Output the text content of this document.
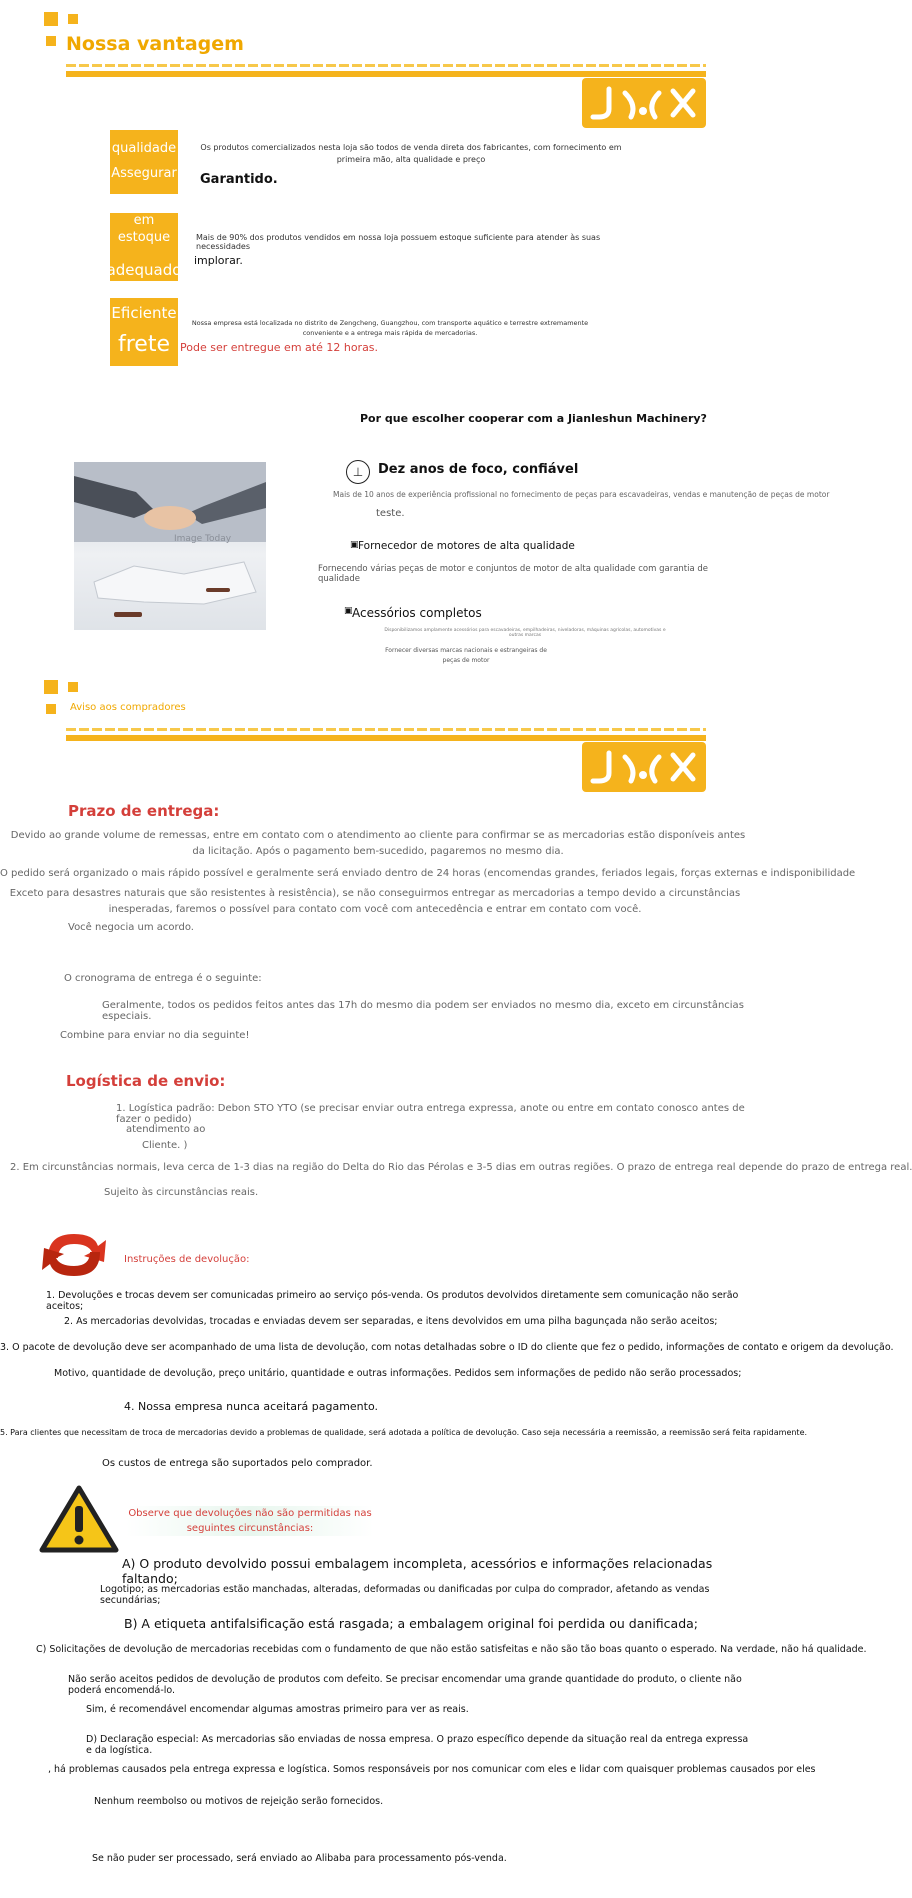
Nossa vantagem
qualidade
Assegurar
Os produtos comercializados nesta loja são todos de venda direta dos fabricantes, com fornecimento em primeira mão, alta qualidade e preço
Garantido.
em estoque
adequado
Mais de 90% dos produtos vendidos em nossa loja possuem estoque suficiente para atender às suas necessidades
implorar.
Eficiente
frete
Nossa empresa está localizada no distrito de Zengcheng, Guangzhou, com transporte aquático e terrestre extremamente conveniente e a entrega mais rápida de mercadorias.
Pode ser entregue em até 12 horas.
Por que escolher cooperar com a Jianleshun Machinery?
Image Today
⊥	Dez anos de foco, confiável
Mais de 10 anos de experiência profissional no fornecimento de peças para escavadeiras, vendas e manutenção de peças de motor
teste.
▣ Fornecedor de motores de alta qualidade
Fornecendo várias peças de motor e conjuntos de motor de alta qualidade com garantia de qualidade
▣ Acessórios completos
Disponibilizamos amplamente acessórios para escavadeiras, empilhadeiras, niveladoras, máquinas agrícolas, automotivas e outras marcas
Fornecer diversas marcas nacionais e estrangeiras de peças de motor
Aviso aos compradores
Prazo de entrega:
Devido ao grande volume de remessas, entre em contato com o atendimento ao cliente para confirmar se as mercadorias estão disponíveis antes da licitação. Após o pagamento bem-sucedido, pagaremos no mesmo dia.
O pedido será organizado o mais rápido possível e geralmente será enviado dentro de 24 horas (encomendas grandes, feriados legais, forças externas e indisponibilidade
Exceto para desastres naturais que são resistentes à resistência), se não conseguirmos entregar as mercadorias a tempo devido a circunstâncias inesperadas, faremos o possível para contato com você com antecedência e entrar em contato com você.
Você negocia um acordo.
O cronograma de entrega é o seguinte:
Geralmente, todos os pedidos feitos antes das 17h do mesmo dia podem ser enviados no mesmo dia, exceto em circunstâncias especiais.
Combine para enviar no dia seguinte!
Logística de envio:
1. Logística padrão: Debon STO YTO (se precisar enviar outra entrega expressa, anote ou entre em contato conosco antes de fazer o pedido)
atendimento ao
Cliente. )
2. Em circunstâncias normais, leva cerca de 1-3 dias na região do Delta do Rio das Pérolas e 3-5 dias em outras regiões. O prazo de entrega real depende do prazo de entrega real.
Sujeito às circunstâncias reais.
Instruções de devolução:
1. Devoluções e trocas devem ser comunicadas primeiro ao serviço pós-venda. Os produtos devolvidos diretamente sem comunicação não serão aceitos;
2. As mercadorias devolvidas, trocadas e enviadas devem ser separadas, e itens devolvidos em uma pilha bagunçada não serão aceitos;
3. O pacote de devolução deve ser acompanhado de uma lista de devolução, com notas detalhadas sobre o ID do cliente que fez o pedido, informações de contato e origem da devolução.
Motivo, quantidade de devolução, preço unitário, quantidade e outras informações. Pedidos sem informações de pedido não serão processados;
4. Nossa empresa nunca aceitará pagamento.
5. Para clientes que necessitam de troca de mercadorias devido a problemas de qualidade, será adotada a política de devolução. Caso seja necessária a reemissão, a reemissão será feita rapidamente.
Os custos de entrega são suportados pelo comprador.
Observe que devoluções não são permitidas nas seguintes circunstâncias:
A) O produto devolvido possui embalagem incompleta, acessórios e informações relacionadas faltando;
Logotipo; as mercadorias estão manchadas, alteradas, deformadas ou danificadas por culpa do comprador, afetando as vendas secundárias;
B) A etiqueta antifalsificação está rasgada; a embalagem original foi perdida ou danificada;
C) Solicitações de devolução de mercadorias recebidas com o fundamento de que não estão satisfeitas e não são tão boas quanto o esperado. Na verdade, não há qualidade.
Não serão aceitos pedidos de devolução de produtos com defeito. Se precisar encomendar uma grande quantidade do produto, o cliente não poderá encomendá-lo.
Sim, é recomendável encomendar algumas amostras primeiro para ver as reais.
D) Declaração especial: As mercadorias são enviadas de nossa empresa. O prazo específico depende da situação real da entrega expressa e da logística.
, há problemas causados pela entrega expressa e logística. Somos responsáveis por nos comunicar com eles e lidar com quaisquer problemas causados por eles
Nenhum reembolso ou motivos de rejeição serão fornecidos.
Se não puder ser processado, será enviado ao Alibaba para processamento pós-venda.
